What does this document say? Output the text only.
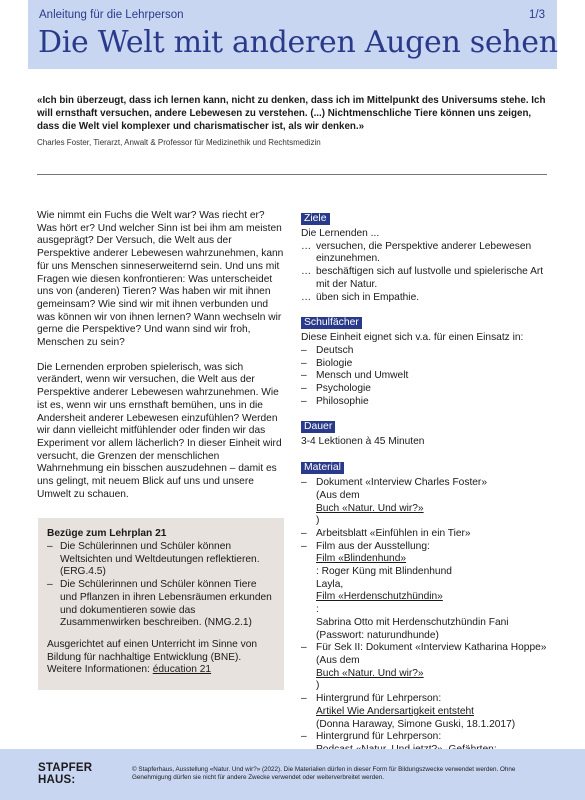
Anleitung für die Lehrperson	1/3
Die Welt mit anderen Augen sehen

«Ich bin überzeugt, dass ich lernen kann, nicht zu denken, dass ich im Mittelpunkt des Universums stehe. Ich will ernsthaft versuchen, andere Lebewesen zu verstehen. (...) Nichtmenschliche Tiere können uns zeigen, dass die Welt viel komplexer und charismatischer ist, als wir denken.»

Charles Foster, Tierarzt, Anwalt & Professor für Medizinethik und Rechtsmedizin

Wie nimmt ein Fuchs die Welt war? Was riecht er? Was hört er? Und welcher Sinn ist bei ihm am meisten ausgeprägt? Der Versuch, die Welt aus der Perspektive anderer Lebewesen wahrzunehmen, kann für uns Menschen sinneserweiternd sein. Und uns mit Fragen wie diesen konfrontieren: Was unterscheidet uns von (anderen) Tieren? Was haben wir mit ihnen gemeinsam? Wie sind wir mit ihnen verbunden und was können wir von ihnen lernen? Wann wechseln wir gerne die Perspektive? Und wann sind wir froh, Menschen zu sein?

Die Lernenden erproben spielerisch, was sich verändert, wenn wir versuchen, die Welt aus der Perspektive anderer Lebewesen wahrzunehmen. Wie ist es, wenn wir uns ernsthaft bemühen, uns in die Andersheit anderer Lebewesen einzufühlen? Werden wir dann vielleicht mitfühlender oder finden wir das Experiment vor allem lächerlich? In dieser Einheit wird versucht, die Grenzen der menschlichen Wahrnehmung ein bisschen auszudehnen – damit es uns gelingt, mit neuem Blick auf uns und unsere Umwelt zu schauen.

Bezüge zum Lehrplan 21
– Die Schülerinnen und Schüler können Weltsichten und Weltdeutungen reflektieren. (ERG.4.5)
– Die Schülerinnen und Schüler können Tiere und Pflanzen in ihren Lebensräumen erkunden und dokumentieren sowie das Zusammenwirken beschreiben. (NMG.2.1)

Ausgerichtet auf einen Unterricht im Sinne von Bildung für nachhaltige Entwicklung (BNE). Weitere Informationen: éducation 21

Ziele
Die Lernenden ...
… versuchen, die Perspektive anderer Lebewesen einzunehmen.
… beschäftigen sich auf lustvolle und spielerische Art mit der Natur.
… üben sich in Empathie.
Schulfächer
Diese Einheit eignet sich v.a. für einen Einsatz in:
– Deutsch
– Biologie
– Mensch und Umwelt
– Psychologie
– Philosophie
Dauer
3-4 Lektionen à 45 Minuten
Material
– Dokument «Interview Charles Foster»
(Aus dem
Buch «Natur. Und wir?»
)
– Arbeitsblatt «Einfühlen in ein Tier»
– Film aus der Ausstellung:
Film «Blindenhund»
: Roger Küng mit Blindenhund
Layla,
Film «Herdenschutzhündin»
:
Sabrina Otto mit Herdenschutzhündin Fani
(Passwort: naturundhunde)
– Für Sek II: Dokument «Interview Katharina Hoppe»
(Aus dem
Buch «Natur. Und wir?»
)
– Hintergrund für Lehrperson:
Artikel Wie Andersartigkeit entsteht
(Donna Haraway, Simone Guski, 18.1.2017)
– Hintergrund für Lehrperson:
STAPFER
HAUS:
© Stapferhaus, Ausstellung «Natur. Und wir?» (2022). Die Materialien dürfen in dieser Form für Bildungszwecke verwendet werden. Ohne Genehmigung dürfen sie nicht für andere Zwecke verwendet oder weiterverbreitet werden.
